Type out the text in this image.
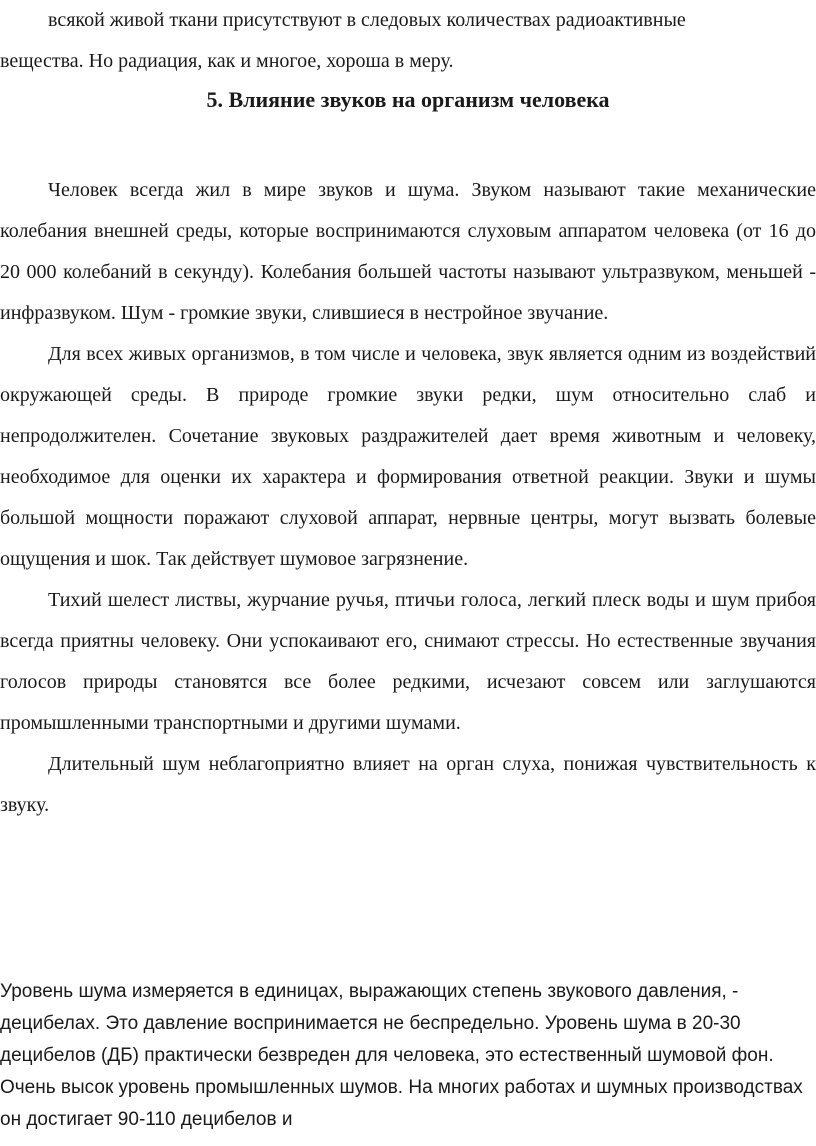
всякой живой ткани присутствуют в следовых количествах радиоактивные

вещества. Но радиация, как и многое, хороша в меру.

5. Влияние звуков на организм человека

Человек всегда жил в мире звуков и шума. Звуком называют такие механические колебания внешней среды, которые воспринимаются слуховым аппаратом человека (от 16 до 20 000 колебаний в секунду). Колебания большей частоты называют ультразвуком, меньшей - инфразвуком. Шум - громкие звуки, слившиеся в нестройное звучание.

Для всех живых организмов, в том числе и человека, звук является одним из воздействий окружающей среды. В природе громкие звуки редки, шум относительно слаб и непродолжителен. Сочетание звуковых раздражителей дает время животным и человеку, необходимое для оценки их характера и формирования ответной реакции. Звуки и шумы большой мощности поражают слуховой аппарат, нервные центры, могут вызвать болевые ощущения и шок. Так действует шумовое загрязнение.

Тихий шелест листвы, журчание ручья, птичьи голоса, легкий плеск воды и шум прибоя всегда приятны человеку. Они успокаивают его, снимают стрессы. Но естественные звучания голосов природы становятся все более редкими, исчезают совсем или заглушаются промышленными транспортными и другими шумами.

Длительный шум неблагоприятно влияет на орган слуха, понижая чувствительность к звуку.

Уровень шума измеряется в единицах, выражающих степень звукового давления, - децибелах. Это давление воспринимается не беспредельно. Уровень шума в 20-30 децибелов (ДБ) практически безвреден для человека, это естественный шумовой фон. Очень высок уровень промышленных шумов. На многих работах и шумных производствах он достигает 90-110 децибелов и
